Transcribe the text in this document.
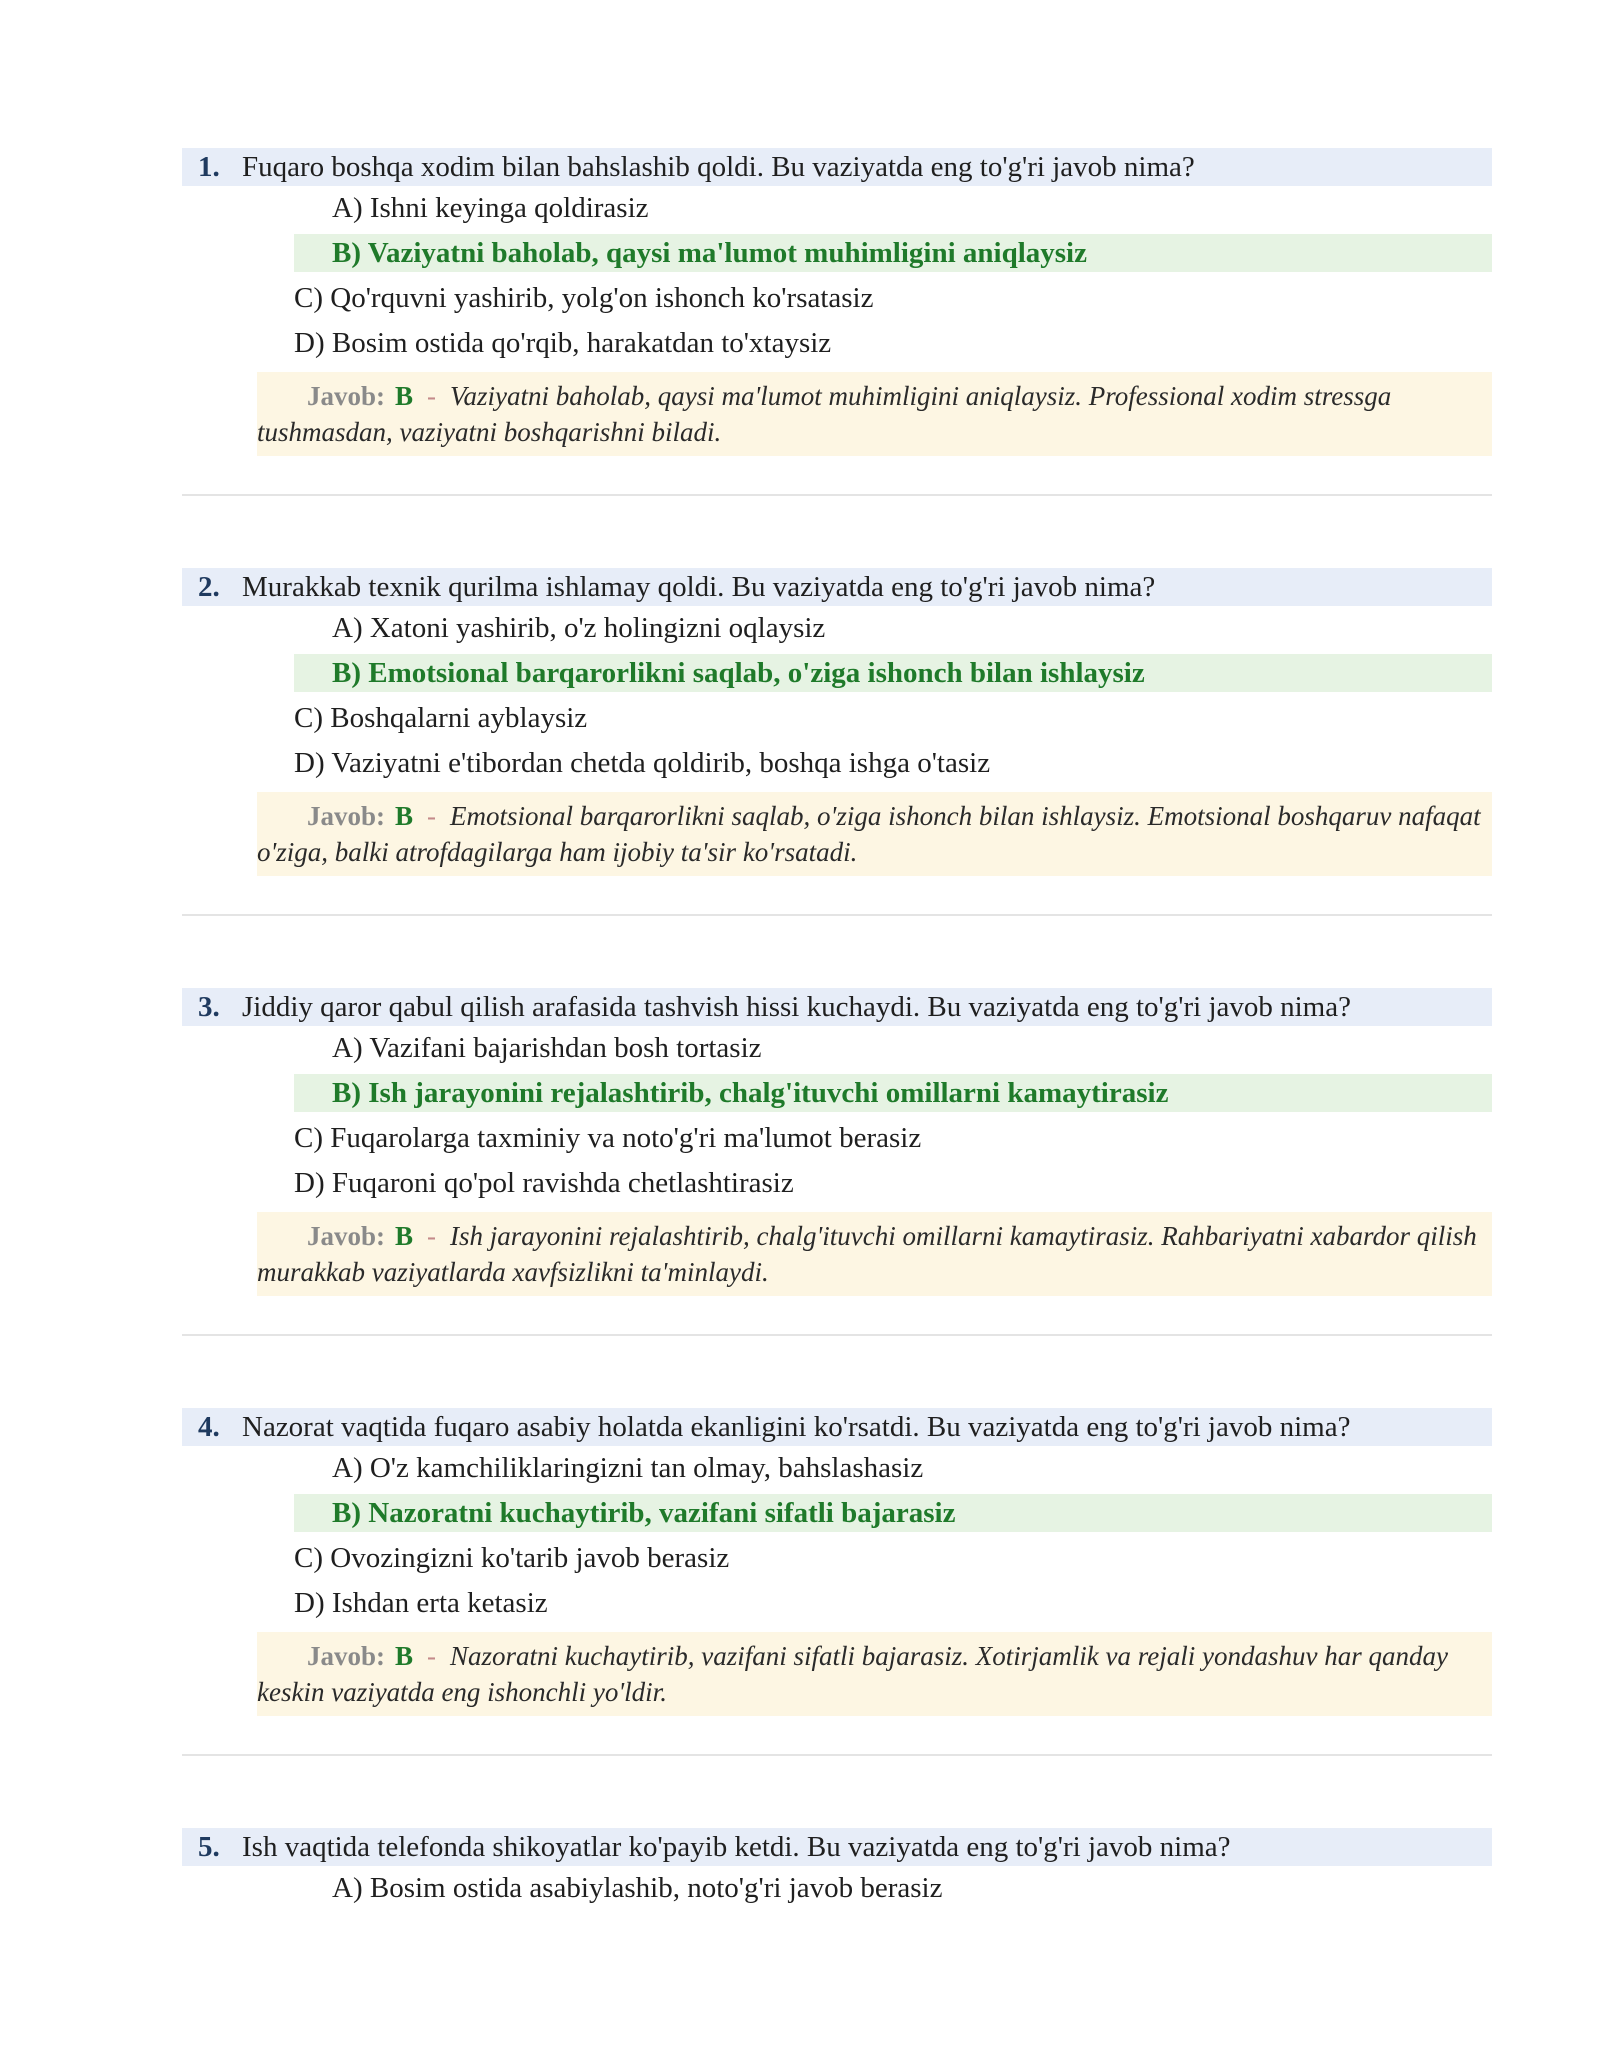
1. Fuqaro boshqa xodim bilan bahslashib qoldi. Bu vaziyatda eng to'g'ri javob nima?
A) Ishni keyinga qoldirasiz
B) Vaziyatni baholab, qaysi ma'lumot muhimligini aniqlaysiz
C) Qo'rquvni yashirib, yolg'on ishonch ko'rsatasiz
D) Bosim ostida qo'rqib, harakatdan to'xtaysiz
Javob: B - Vaziyatni baholab, qaysi ma'lumot muhimligini aniqlaysiz. Professional xodim stressga tushmasdan, vaziyatni boshqarishni biladi.
2. Murakkab texnik qurilma ishlamay qoldi. Bu vaziyatda eng to'g'ri javob nima?
A) Xatoni yashirib, o'z holingizni oqlaysiz
B) Emotsional barqarorlikni saqlab, o'ziga ishonch bilan ishlaysiz
C) Boshqalarni ayblaysiz
D) Vaziyatni e'tibordan chetda qoldirib, boshqa ishga o'tasiz
Javob: B - Emotsional barqarorlikni saqlab, o'ziga ishonch bilan ishlaysiz. Emotsional boshqaruv nafaqat o'ziga, balki atrofdagilarga ham ijobiy ta'sir ko'rsatadi.
3. Jiddiy qaror qabul qilish arafasida tashvish hissi kuchaydi. Bu vaziyatda eng to'g'ri javob nima?
A) Vazifani bajarishdan bosh tortasiz
B) Ish jarayonini rejalashtirib, chalg'ituvchi omillarni kamaytirasiz
C) Fuqarolarga taxminiy va noto'g'ri ma'lumot berasiz
D) Fuqaroni qo'pol ravishda chetlashtirasiz
Javob: B - Ish jarayonini rejalashtirib, chalg'ituvchi omillarni kamaytirasiz. Rahbariyatni xabardor qilish murakkab vaziyatlarda xavfsizlikni ta'minlaydi.
4. Nazorat vaqtida fuqaro asabiy holatda ekanligini ko'rsatdi. Bu vaziyatda eng to'g'ri javob nima?
A) O'z kamchiliklaringizni tan olmay, bahslashasiz
B) Nazoratni kuchaytirib, vazifani sifatli bajarasiz
C) Ovozingizni ko'tarib javob berasiz
D) Ishdan erta ketasiz
Javob: B - Nazoratni kuchaytirib, vazifani sifatli bajarasiz. Xotirjamlik va rejali yondashuv har qanday keskin vaziyatda eng ishonchli yo'ldir.
5. Ish vaqtida telefonda shikoyatlar ko'payib ketdi. Bu vaziyatda eng to'g'ri javob nima?
A) Bosim ostida asabiylashib, noto'g'ri javob berasiz
